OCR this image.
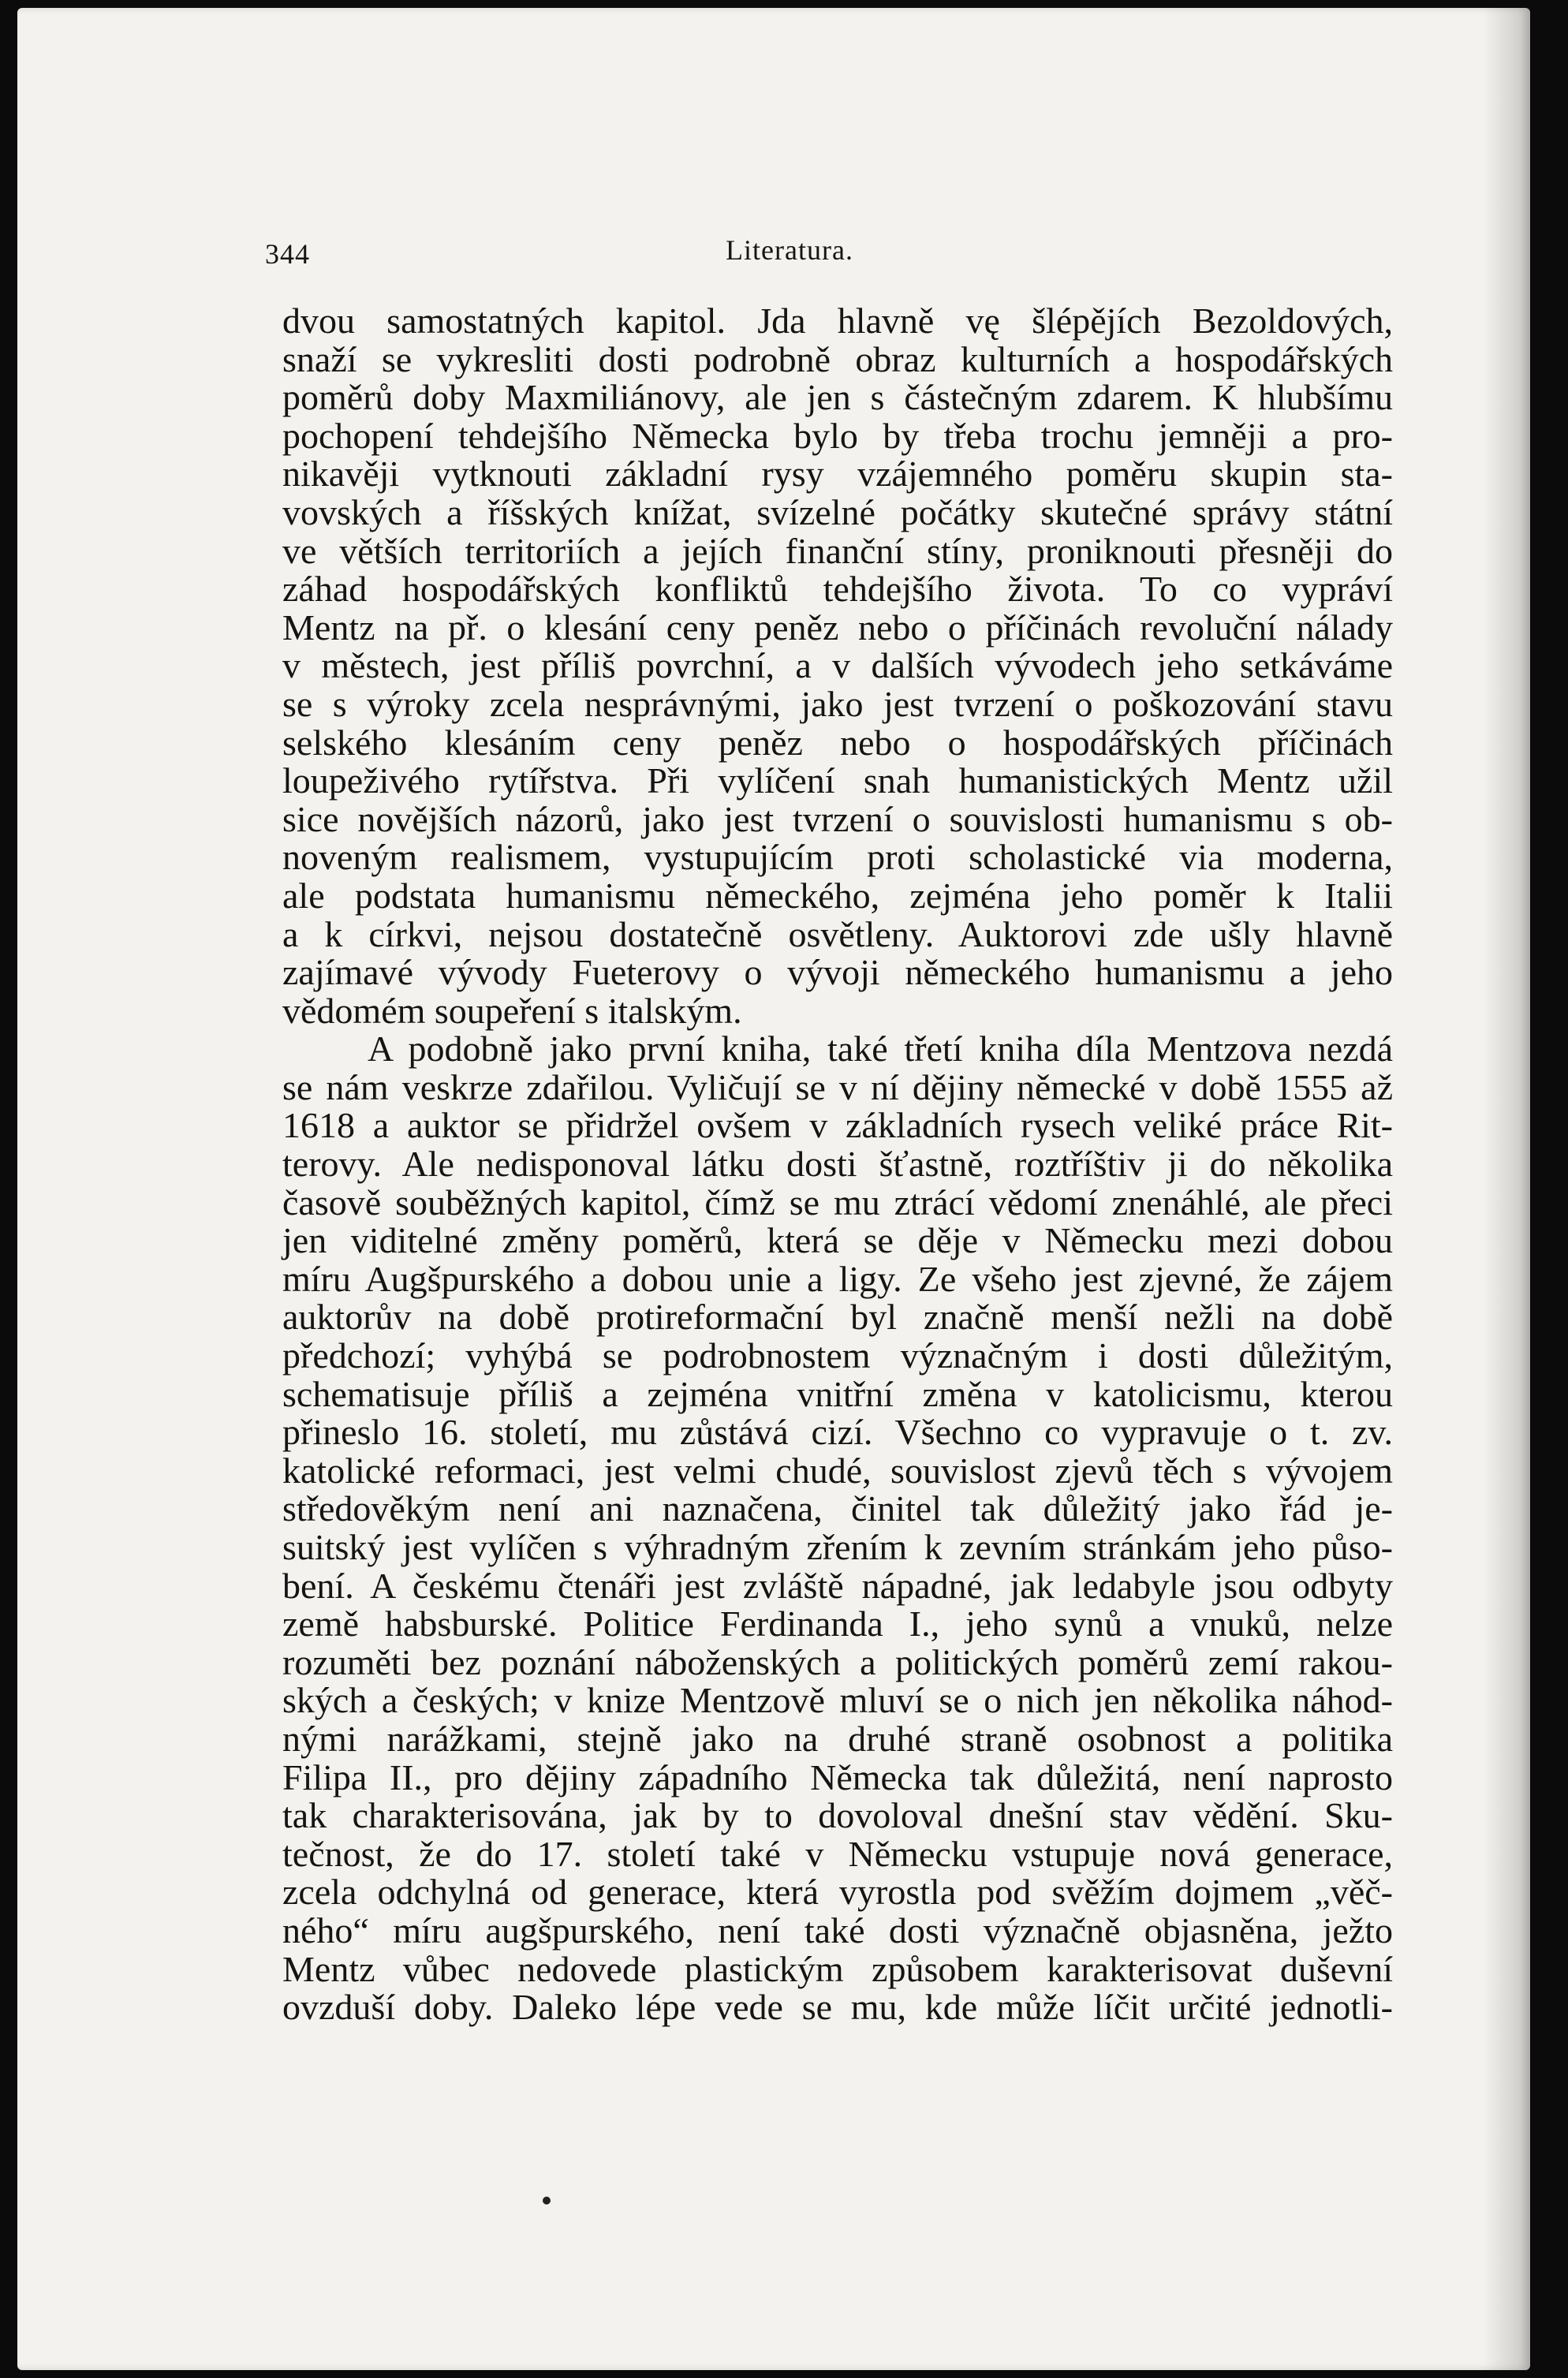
344	Literatura.
dvou samostatných kapitol. Jda hlavně vę šlépějích Bezoldových,
snaží se vykresliti dosti podrobně obraz kulturních a hospodářských
poměrů doby Maxmiliánovy, ale jen s částečným zdarem. K hlubšímu
pochopení tehdejšího Německa bylo by třeba trochu jemněji a pro-
nikavěji vytknouti základní rysy vzájemného poměru skupin sta-
vovských a říšských knížat, svízelné počátky skutečné správy státní
ve větších territoriích a jejích finanční stíny, proniknouti přesněji do
záhad hospodářských konfliktů tehdejšího života. To co vypráví
Mentz na př. o klesání ceny peněz nebo o příčinách revoluční nálady
v městech, jest příliš povrchní, a v dalších vývodech jeho setkáváme
se s výroky zcela nesprávnými, jako jest tvrzení o poškozování stavu
selského klesáním ceny peněz nebo o hospodářských příčinách
loupeživého rytířstva. Při vylíčení snah humanistických Mentz užil
sice novějších názorů, jako jest tvrzení o souvislosti humanismu s ob-
noveným realismem, vystupujícím proti scholastické via moderna,
ale podstata humanismu německého, zejména jeho poměr k Italii
a k církvi, nejsou dostatečně osvětleny. Auktorovi zde ušly hlavně
zajímavé vývody Fueterovy o vývoji německého humanismu a jeho
vědomém soupeření s italským.
A podobně jako první kniha, také třetí kniha díla Mentzova nezdá
se nám veskrze zdařilou. Vyličují se v ní dějiny německé v době 1555 až
1618 a auktor se přidržel ovšem v základních rysech veliké práce Rit-
terovy. Ale nedisponoval látku dosti šťastně, roztříštiv ji do několika
časově souběžných kapitol, čímž se mu ztrácí vědomí znenáhlé, ale přeci
jen viditelné změny poměrů, která se děje v Německu mezi dobou
míru Augšpurského a dobou unie a ligy. Ze všeho jest zjevné, že zájem
auktorův na době protireformační byl značně menší nežli na době
předchozí; vyhýbá se podrobnostem význačným i dosti důležitým,
schematisuje příliš a zejména vnitřní změna v katolicismu, kterou
přineslo 16. století, mu zůstává cizí. Všechno co vypravuje o t. zv.
katolické reformaci, jest velmi chudé, souvislost zjevů těch s vývojem
středověkým není ani naznačena, činitel tak důležitý jako řád je-
suitský jest vylíčen s výhradným zřením k zevním stránkám jeho půso-
bení. A českému čtenáři jest zvláště nápadné, jak ledabyle jsou odbyty
země habsburské. Politice Ferdinanda I., jeho synů a vnuků, nelze
rozuměti bez poznání náboženských a politických poměrů zemí rakou-
ských a českých; v knize Mentzově mluví se o nich jen několika náhod-
nými narážkami, stejně jako na druhé straně osobnost a politika
Filipa II., pro dějiny západního Německa tak důležitá, není naprosto
tak charakterisována, jak by to dovoloval dnešní stav vědění. Sku-
tečnost, že do 17. století také v Německu vstupuje nová generace,
zcela odchylná od generace, která vyrostla pod svěžím dojmem „věč-
ného“ míru augšpurského, není také dosti význačně objasněna, ježto
Mentz vůbec nedovede plastickým způsobem karakterisovat duševní
ovzduší doby. Daleko lépe vede se mu, kde může líčit určité jednotli-
